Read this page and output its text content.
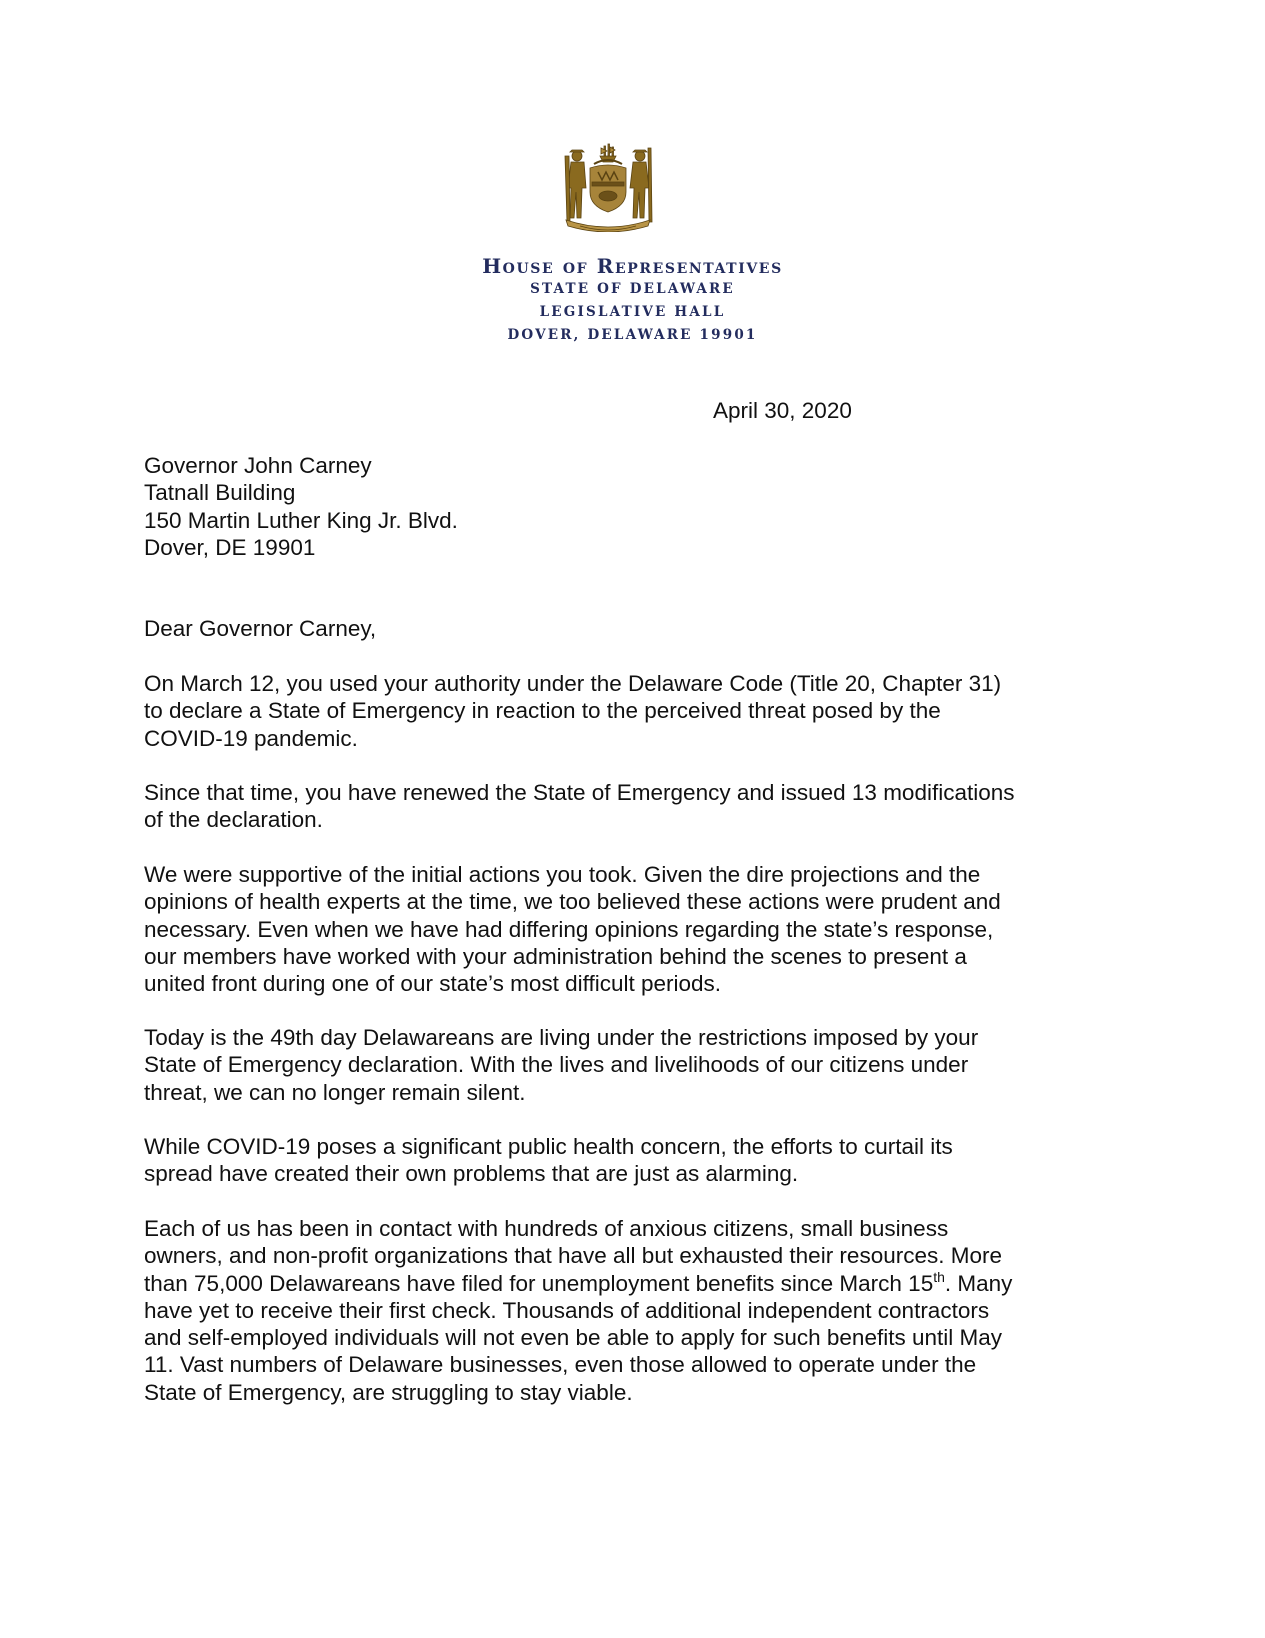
House of Representatives
STATE OF DELAWARE
LEGISLATIVE HALL
DOVER, DELAWARE 19901
April 30, 2020
Governor John Carney
Tatnall Building
150 Martin Luther King Jr. Blvd.
Dover, DE 19901
Dear Governor Carney,
On March 12, you used your authority under the Delaware Code (Title 20, Chapter 31)
to declare a State of Emergency in reaction to the perceived threat posed by the
COVID-19 pandemic.
Since that time, you have renewed the State of Emergency and issued 13 modifications
of the declaration.
We were supportive of the initial actions you took. Given the dire projections and the
opinions of health experts at the time, we too believed these actions were prudent and
necessary. Even when we have had differing opinions regarding the state’s response,
our members have worked with your administration behind the scenes to present a
united front during one of our state’s most difficult periods.
Today is the 49th day Delawareans are living under the restrictions imposed by your
State of Emergency declaration. With the lives and livelihoods of our citizens under
threat, we can no longer remain silent.
While COVID-19 poses a significant public health concern, the efforts to curtail its
spread have created their own problems that are just as alarming.
Each of us has been in contact with hundreds of anxious citizens, small business
owners, and non-profit organizations that have all but exhausted their resources. More
than 75,000 Delawareans have filed for unemployment benefits since March 15th. Many
have yet to receive their first check. Thousands of additional independent contractors
and self-employed individuals will not even be able to apply for such benefits until May
11. Vast numbers of Delaware businesses, even those allowed to operate under the
State of Emergency, are struggling to stay viable.
